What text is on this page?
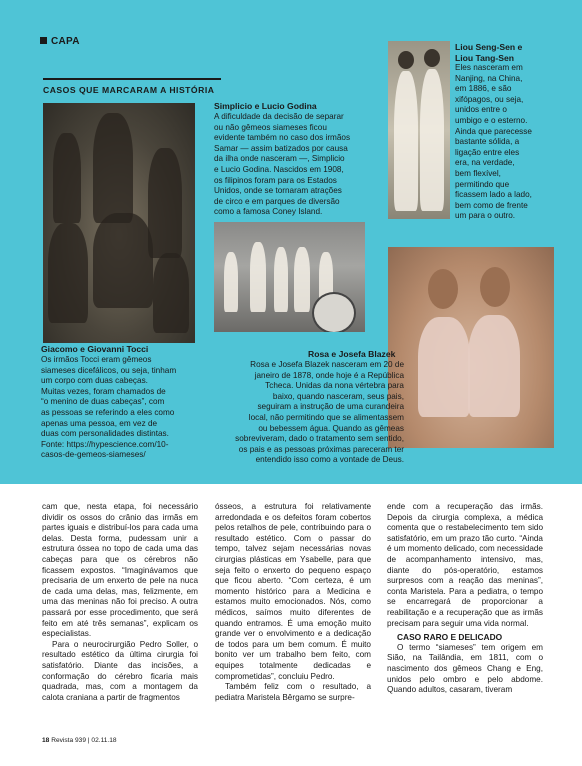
CAPA
CASOS QUE MARCARAM A HISTÓRIA
Simplicio e Lucio Godina
A dificuldade da decisão de separar
ou não gêmeos siameses ficou
evidente também no caso dos irmãos
Samar — assim batizados por causa
da ilha onde nasceram —, Simplicio
e Lucio Godina. Nascidos em 1908,
os filipinos foram para os Estados
Unidos, onde se tornaram atrações
de circo e em parques de diversão
como a famosa Coney Island.
Liou Seng-Sen e
Liou Tang-Sen
Eles nasceram em
Nanjing, na China,
em 1886, e são
xifópagos, ou seja,
unidos entre o
umbigo e o esterno.
Ainda que parecesse
bastante sólida, a
ligação entre eles
era, na verdade,
bem flexível,
permitindo que
ficassem lado a lado,
bem como de frente
um para o outro.
Giacomo e Giovanni Tocci
Os irmãos Tocci eram gêmeos
siameses dicefálicos, ou seja, tinham
um corpo com duas cabeças.
Muitas vezes, foram chamados de
“o menino de duas cabeças”, com
as pessoas se referindo a eles como
apenas uma pessoa, em vez de
duas com personalidades distintas.
Fonte: https://hypescience.com/10-
casos-de-gemeos-siameses/
Rosa e Josefa Blazek
Rosa e Josefa Blazek nasceram em 20 de
janeiro de 1878, onde hoje é a República
Tcheca. Unidas da nona vértebra para
baixo, quando nasceram, seus pais,
seguiram a instrução de uma curandeira
local, não permitindo que se alimentassem
ou bebessem água. Quando as gêmeas
sobreviveram, dado o tratamento sem sentido,
os pais e as pessoas próximas pareceram ter
entendido isso como a vontade de Deus.

cam que, nesta etapa, foi necessário dividir os ossos do crânio das irmãs em partes iguais e distribuí-los para cada uma delas. Desta forma, pudessam unir a estrutura óssea no topo de cada uma das cabeças para que os cérebros não ficassem expostos. “Imaginávamos que precisaria de um enxerto de pele na nuca de cada uma delas, mas, felizmente, em uma das meninas não foi preciso. A outra passará por esse procedimento, que será feito em até três semanas”, explicam os especialistas.

Para o neurocirurgião Pedro Soller, o resultado estético da última cirurgia foi satisfatório. Diante das incisões, a conformação do cérebro ficaria mais quadrada, mas, com a montagem da calota craniana a partir de fragmentos

ósseos, a estrutura foi relativamente arredondada e os defeitos foram cobertos pelos retalhos de pele, contribuindo para o resultado estético. Com o passar do tempo, talvez sejam necessárias novas cirurgias plásticas em Ysabelle, para que seja feito o enxerto do pequeno espaço que ficou aberto. “Com certeza, é um momento histórico para a Medicina e estamos muito emocionados. Nós, como médicos, saímos muito diferentes de quando entramos. É uma emoção muito grande ver o envolvimento e a dedicação de todos para um bem comum. É muito bonito ver um trabalho bem feito, com equipes totalmente dedicadas e comprometidas”, concluiu Pedro.

Também feliz com o resultado, a pediatra Maristela Bêrgamo se surpre-

ende com a recuperação das irmãs. Depois da cirurgia complexa, a médica comenta que o restabelecimento tem sido satisfatório, em um prazo tão curto. “Ainda é um momento delicado, com necessidade de acompanhamento intensivo, mas, diante do pós-operatório, estamos surpresos com a reação das meninas”, conta Maristela. Para a pediatra, o tempo se encarregará de proporcionar a reabilitação e a recuperação que as irmãs precisam para seguir uma vida normal.

CASO RARO E DELICADO

O termo “siameses” tem origem em Sião, na Tailândia, em 1811, com o nascimento dos gêmeos Chang e Eng, unidos pelo ombro e pelo abdome. Quando adultos, casaram, tiveram

18 Revista 939 | 02.11.18
